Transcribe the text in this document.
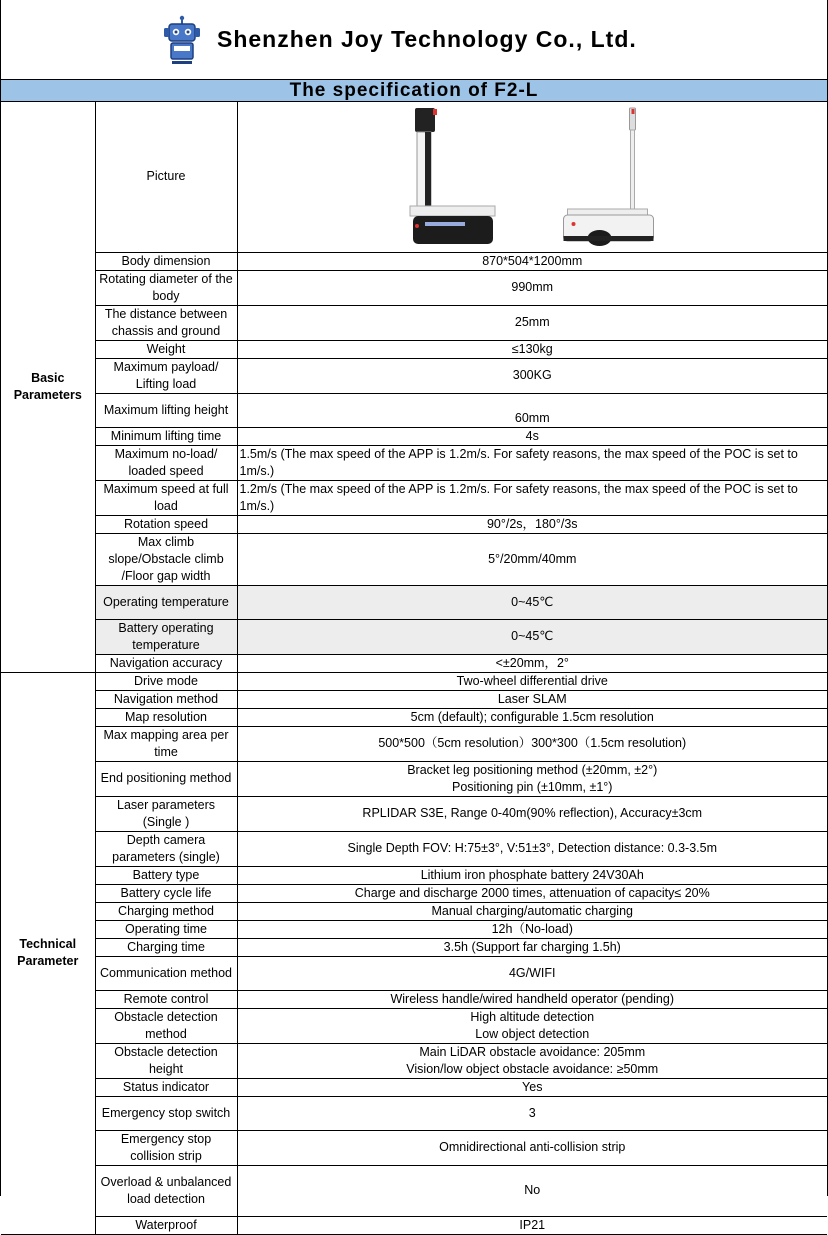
Shenzhen Joy Technology Co., Ltd.
The specification of F2-L
Basic
Parameters	Picture	

	Body dimension	870*504*1200mm

	Rotating diameter of the body	990mm

	The distance between chassis and ground	25mm

	Weight	≤130kg

	Maximum payload/ Lifting load	300KG

	Maximum lifting height	60mm

	Minimum lifting time	4s

	Maximum no-load/ loaded speed	1.5m/s (The max speed of the APP is 1.2m/s. For safety reasons, the max speed of the POC is set to 1m/s.)

	Maximum speed at full load	1.2m/s (The max speed of the APP is 1.2m/s. For safety reasons, the max speed of the POC is set to 1m/s.)

	Rotation speed	90°/2s，180°/3s

	Max climb slope/Obstacle climb /Floor gap width	5°/20mm/40mm

	Operating temperature	0~45℃

	Battery operating temperature	0~45℃

	Navigation accuracy	<±20mm，2°

Technical
Parameter	Drive mode	Two-wheel differential drive

	Navigation method	Laser SLAM

	Map resolution	5cm (default); configurable 1.5cm resolution

	Max mapping area per time	500*500（5cm resolution）300*300（1.5cm resolution)

	End positioning method	Bracket leg positioning method (±20mm, ±2°)
Positioning pin (±10mm, ±1°)

	Laser parameters (Single )	RPLIDAR S3E, Range 0-40m(90% reflection), Accuracy±3cm

	Depth camera parameters (single)	Single Depth FOV: H:75±3°, V:51±3°, Detection distance: 0.3-3.5m

	Battery type	Lithium iron phosphate battery 24V30Ah

	Battery cycle life	Charge and discharge 2000 times, attenuation of capacity≤ 20%

	Charging method	Manual charging/automatic charging

	Operating time	12h（No-load)

	Charging time	3.5h (Support far charging 1.5h)

	Communication method	4G/WIFI

	Remote control	Wireless handle/wired handheld operator (pending)

	Obstacle detection method	High altitude detection
Low object detection

	Obstacle detection height	Main LiDAR obstacle avoidance: 205mm
Vision/low object obstacle avoidance: ≥50mm

	Status indicator	Yes

	Emergency stop switch	3

	Emergency stop collision strip	Omnidirectional anti-collision strip

	Overload & unbalanced load detection	No

	Waterproof	IP21
